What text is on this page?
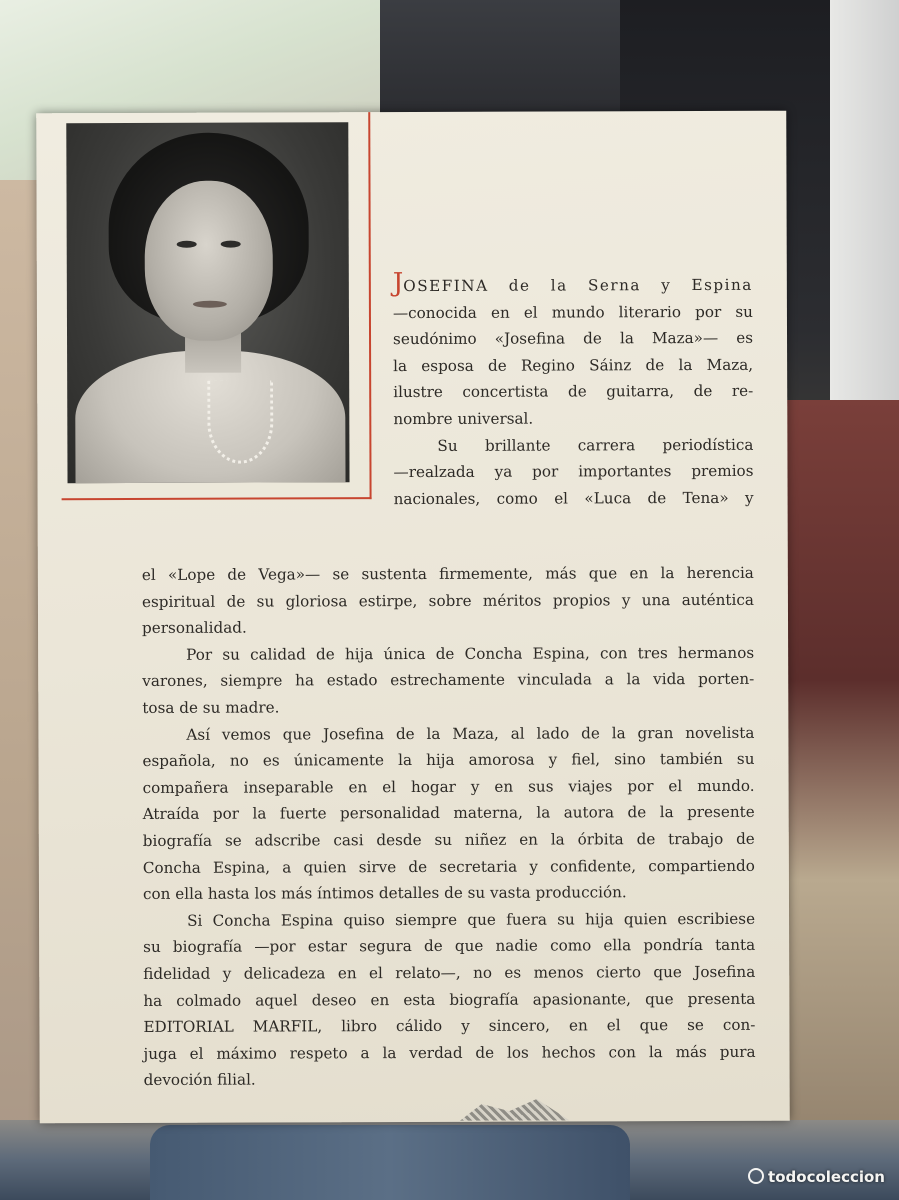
JOSEFINA de la Serna y Espina
—conocida en el mundo literario por su
seudónimo «Josefina de la Maza»— es
la esposa de Regino Sáinz de la Maza,
ilustre concertista de guitarra, de re-
nombre universal.
Su brillante carrera periodística
—realzada ya por importantes premios
nacionales, como el «Luca de Tena» y
el «Lope de Vega»— se sustenta firmemente, más que en la herencia
espiritual de su gloriosa estirpe, sobre méritos propios y una auténtica
personalidad.
Por su calidad de hija única de Concha Espina, con tres hermanos
varones, siempre ha estado estrechamente vinculada a la vida porten-
tosa de su madre.
Así vemos que Josefina de la Maza, al lado de la gran novelista
española, no es únicamente la hija amorosa y fiel, sino también su
compañera inseparable en el hogar y en sus viajes por el mundo.
Atraída por la fuerte personalidad materna, la autora de la presente
biografía se adscribe casi desde su niñez en la órbita de trabajo de
Concha Espina, a quien sirve de secretaria y confidente, compartiendo
con ella hasta los más íntimos detalles de su vasta producción.
Si Concha Espina quiso siempre que fuera su hija quien escribiese
su biografía —por estar segura de que nadie como ella pondría tanta
fidelidad y delicadeza en el relato—, no es menos cierto que Josefina
ha colmado aquel deseo en esta biografía apasionante, que presenta
EDITORIAL MARFIL, libro cálido y sincero, en el que se con-
juga el máximo respeto a la verdad de los hechos con la más pura
devoción filial.
todocoleccion
